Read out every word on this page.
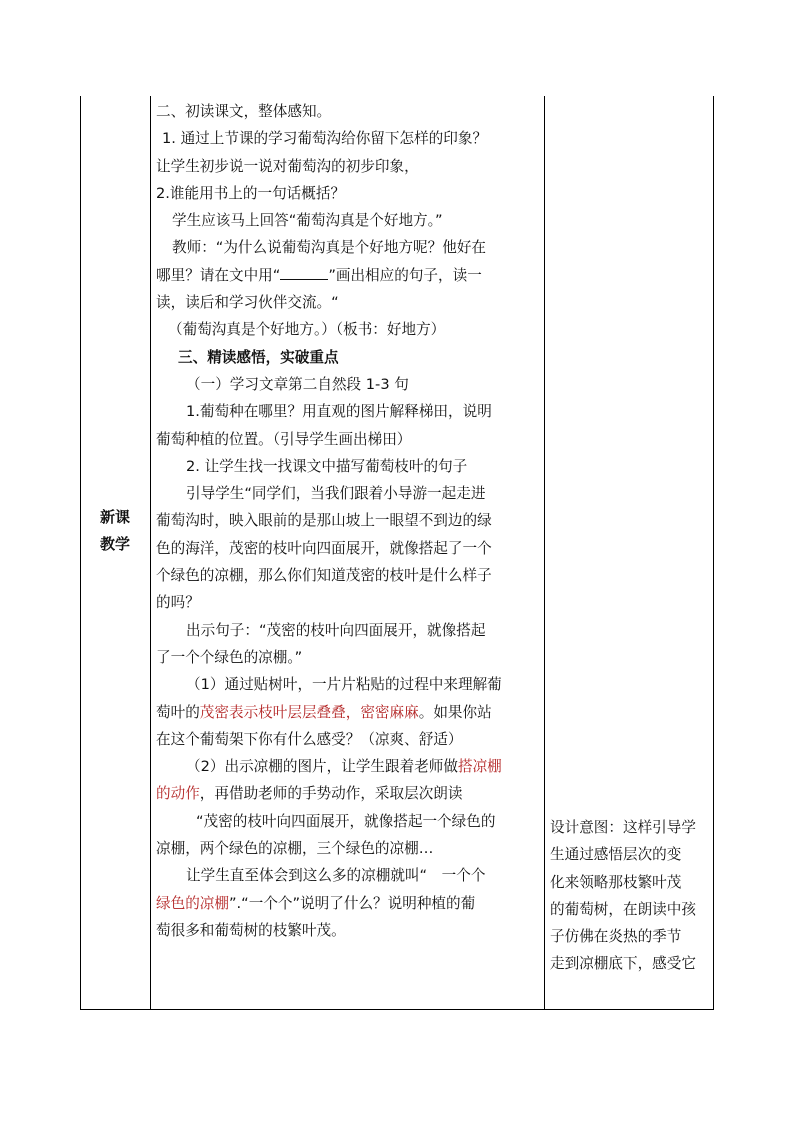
新课
教学

二、初读课文，整体感知。

1. 通过上节课的学习葡萄沟给你留下怎样的印象？

让学生初步说一说对葡萄沟的初步印象，

2.谁能用书上的一句话概括？

学生应该马上回答“葡萄沟真是个好地方。”

教师：“为什么说葡萄沟真是个好地方呢？他好在

哪里？请在文中用“	”画出相应的句子，读一

读，读后和学习伙伴交流。“

（葡萄沟真是个好地方。）（板书：好地方）

三、精读感悟，实破重点

（一）学习文章第二自然段 1-3 句

1.葡萄种在哪里？用直观的图片解释梯田，说明

葡萄种植的位置。（引导学生画出梯田）

2. 让学生找一找课文中描写葡萄枝叶的句子

引导学生“同学们，当我们跟着小导游一起走进

葡萄沟时，映入眼前的是那山坡上一眼望不到边的绿

色的海洋，茂密的枝叶向四面展开，就像搭起了一个

个绿色的凉棚，那么你们知道茂密的枝叶是什么样子

的吗？

出示句子：“茂密的枝叶向四面展开，就像搭起

了一个个绿色的凉棚。”

（1）通过贴树叶，一片片粘贴的过程中来理解葡

萄叶的茂密表示枝叶层层叠叠，密密麻麻。如果你站

在这个葡萄架下你有什么感受？（凉爽、舒适）

（2）出示凉棚的图片，让学生跟着老师做搭凉棚

的动作，再借助老师的手势动作，采取层次朗读

“茂密的枝叶向四面展开，就像搭起一个绿色的

凉棚，两个绿色的凉棚，三个绿色的凉棚…

让学生直至体会到这么多的凉棚就叫“　一个个

绿色的凉棚”.“一个个”说明了什么？说明种植的葡

萄很多和葡萄树的枝繁叶茂。

设计意图：这样引导学

生通过感悟层次的变

化来领略那枝繁叶茂

的葡萄树，在朗读中孩

子仿佛在炎热的季节

走到凉棚底下，感受它
